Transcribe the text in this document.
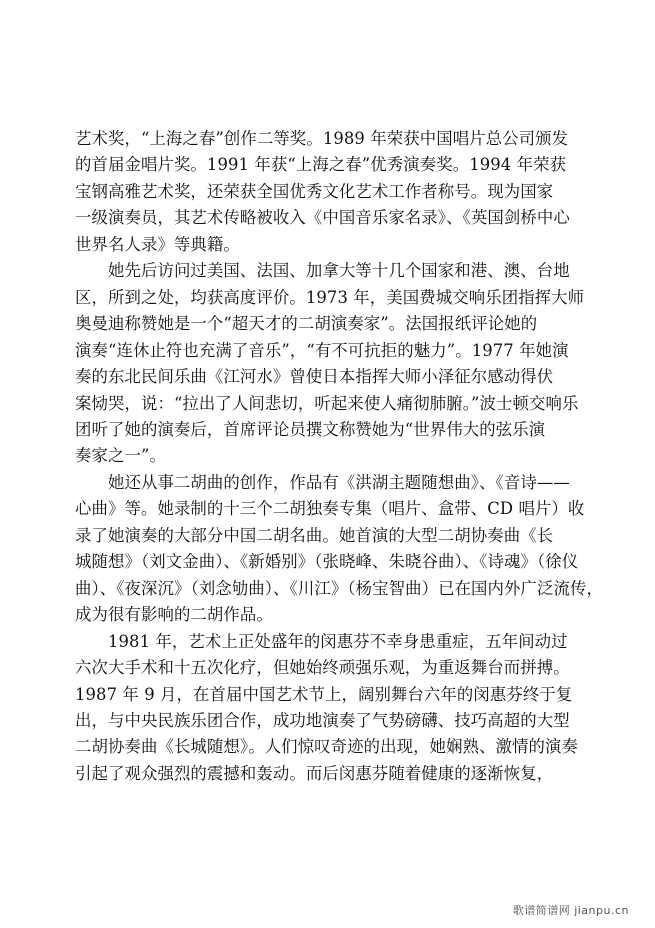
艺术奖，“上海之春”创作二等奖。1989 年荣获中国唱片总公司颁发

的首届金唱片奖。1991 年获“上海之春”优秀演奏奖。1994 年荣获

宝钢高雅艺术奖，还荣获全国优秀文化艺术工作者称号。现为国家

一级演奏员，其艺术传略被收入《中国音乐家名录》、《英国剑桥中心

世界名人录》等典籍。

　　她先后访问过美国、法国、加拿大等十几个国家和港、澳、台地

区，所到之处，均获高度评价。1973 年，美国费城交响乐团指挥大师

奥曼迪称赞她是一个“超天才的二胡演奏家”。法国报纸评论她的

演奏“连休止符也充满了音乐”，“有不可抗拒的魅力”。1977 年她演

奏的东北民间乐曲《江河水》曾使日本指挥大师小泽征尔感动得伏

案恸哭，说：“拉出了人间悲切，听起来使人痛彻肺腑。”波士顿交响乐

团听了她的演奏后，首席评论员撰文称赞她为“世界伟大的弦乐演

奏家之一”。

　　她还从事二胡曲的创作，作品有《洪湖主题随想曲》、《音诗——

心曲》等。她录制的十三个二胡独奏专集（唱片、盒带、CD 唱片）收

录了她演奏的大部分中国二胡名曲。她首演的大型二胡协奏曲《长

城随想》（刘文金曲）、《新婚别》（张晓峰、朱晓谷曲）、《诗魂》（徐仪

曲）、《夜深沉》（刘念劬曲）、《川江》（杨宝智曲）已在国内外广泛流传，

成为很有影响的二胡作品。

　　1981 年，艺术上正处盛年的闵惠芬不幸身患重症，五年间动过

六次大手术和十五次化疗，但她始终顽强乐观，为重返舞台而拼搏。

1987 年 9 月，在首届中国艺术节上，阔别舞台六年的闵惠芬终于复

出，与中央民族乐团合作，成功地演奏了气势磅礴、技巧高超的大型

二胡协奏曲《长城随想》。人们惊叹奇迹的出现，她娴熟、激情的演奏

引起了观众强烈的震撼和轰动。而后闵惠芬随着健康的逐渐恢复，

歌谱简谱网 jianpu.cn
